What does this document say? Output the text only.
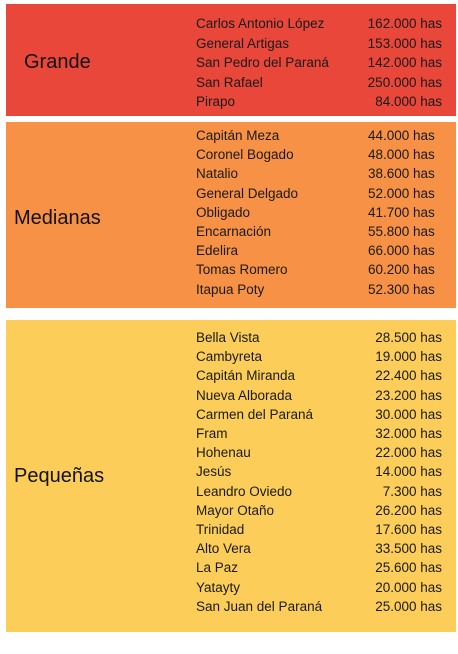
Grande
Carlos Antonio López	162.000 has
General Artigas	153.000 has
San Pedro del Paraná	142.000 has
San Rafael	250.000 has
Pirapo	84.000 has
Medianas
Capitán Meza	44.000 has
Coronel Bogado	48.000 has
Natalio	38.600 has
General Delgado	52.000 has
Obligado	41.700 has
Encarnación	55.800 has
Edelira	66.000 has
Tomas Romero	60.200 has
Itapua Poty	52.300 has
Pequeñas
Bella Vista	28.500 has
Cambyreta	19.000 has
Capitán Miranda	22.400 has
Nueva Alborada	23.200 has
Carmen del Paraná	30.000 has
Fram	32.000 has
Hohenau	22.000 has
Jesús	14.000 has
Leandro Oviedo	7.300 has
Mayor Otaño	26.200 has
Trinidad	17.600 has
Alto Vera	33.500 has
La Paz	25.600 has
Yatayty	20.000 has
San Juan del Paraná	25.000 has
